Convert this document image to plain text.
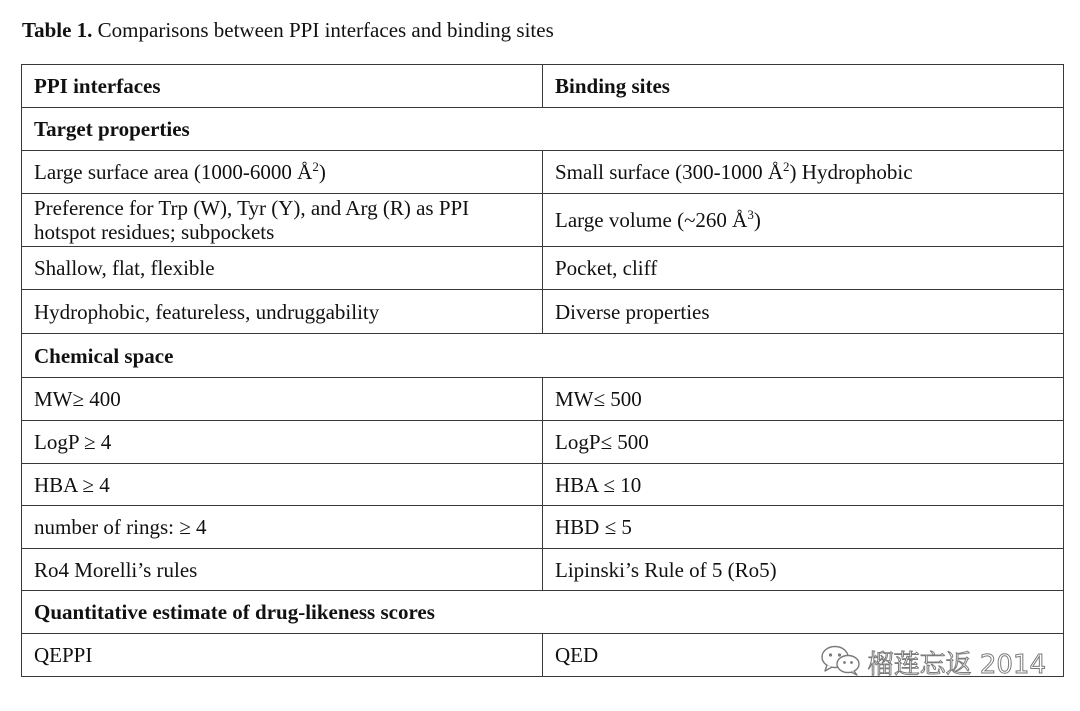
Table 1. Comparisons between PPI interfaces and binding sites
PPI interfaces	Binding sites
Target properties	
Large surface area (1000-6000 $Å^2$)	Small surface (300-1000 $Å^2$) Hydrophobic
Preference for Trp (W), Tyr (Y), and Arg (R) as PPI hotspot residues; subpockets	Large volume (~260 $Å^3$)
Shallow, flat, flexible	Pocket, cliff
Hydrophobic, featureless, undruggability	Diverse properties
Chemical space	
MW≥ 400	MW≤ 500
LogP ≥ 4	LogP≤ 500
HBA ≥ 4	HBA ≤ 10
number of rings: ≥ 4	HBD ≤ 5
Ro4 Morelli’s rules	Lipinski’s Rule of 5 (Ro5)
Quantitative estimate of drug-likeness scores	
QEPPI	QED	榴莲忘返 2014
